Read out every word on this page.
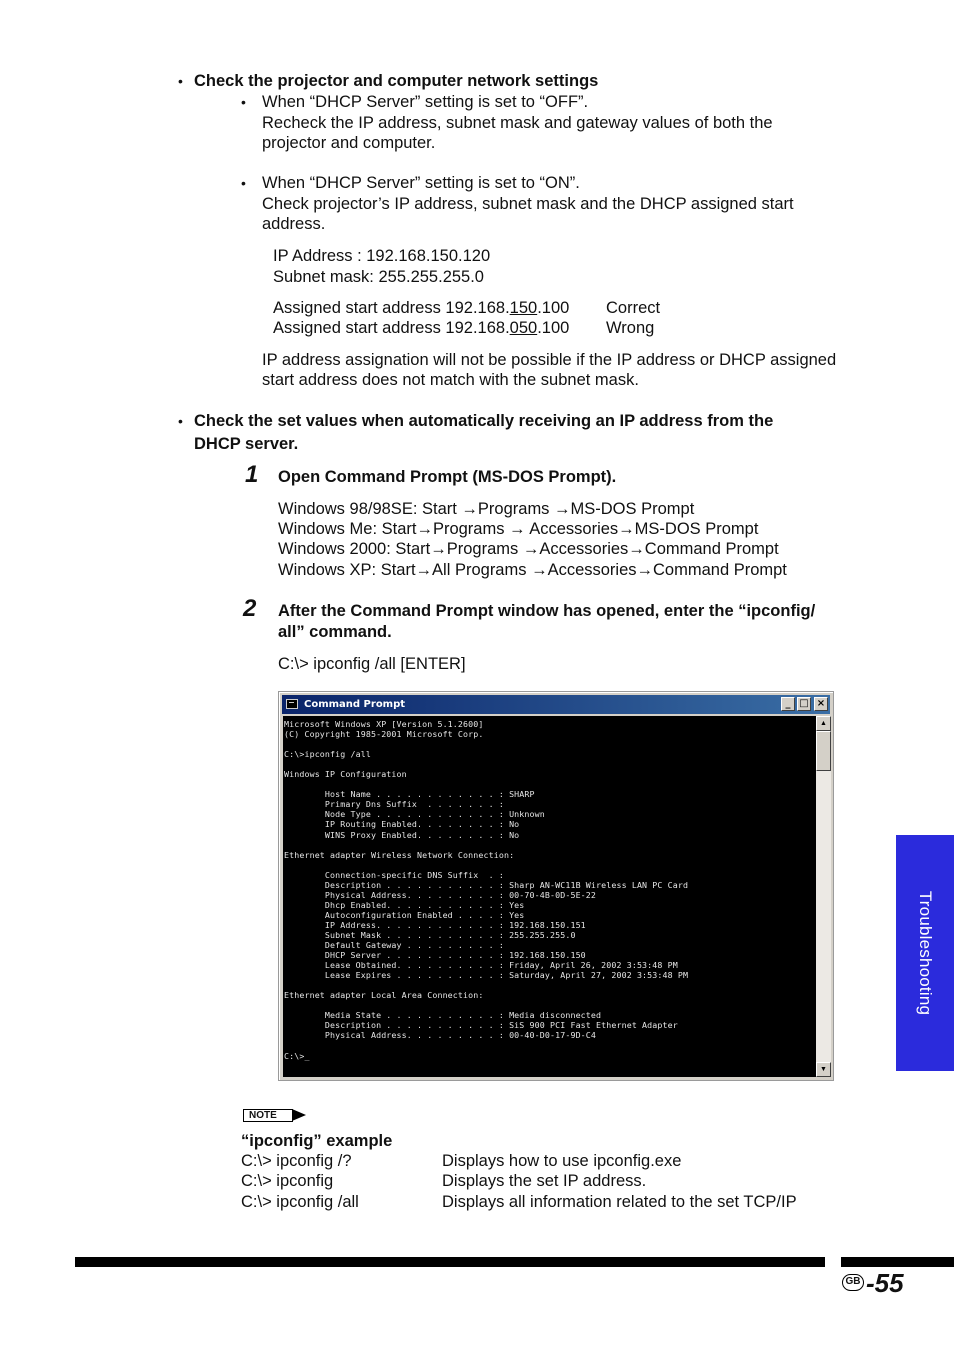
• Check the projector and computer network settings
• When “DHCP Server” setting is set to “OFF”.
Recheck the IP address, subnet mask and gateway values of both the
projector and computer.
• When “DHCP Server” setting is set to “ON”.
Check projector’s IP address, subnet mask and the DHCP assigned start
address.
IP Address : 192.168.150.120
Subnet mask: 255.255.255.0
Assigned start address 192.168.150.100 Correct
Assigned start address 192.168.050.100 Wrong
IP address assignation will not be possible if the IP address or DHCP assigned
start address does not match with the subnet mask.
• Check the set values when automatically receiving an IP address from the
DHCP server.
1 Open Command Prompt (MS-DOS Prompt).
Windows 98/98SE: Start →Programs →MS-DOS Prompt
Windows Me: Start→Programs → Accessories→MS-DOS Prompt
Windows 2000: Start→Programs →Accessories→Command Prompt
Windows XP: Start→All Programs →Accessories→Command Prompt
2 After the Command Prompt window has opened, enter the “ipconfig/
all” command.
C:\> ipconfig /all [ENTER]
Command Prompt	_ □ ×
Microsoft Windows XP [Version 5.1.2600]
(C) Copyright 1985-2001 Microsoft Corp.

C:\>ipconfig /all

Windows IP Configuration

Host Name . . . . . . . . . . . . : SHARP
Primary Dns Suffix  . . . . . . . :
Node Type . . . . . . . . . . . . : Unknown
IP Routing Enabled. . . . . . . . : No
WINS Proxy Enabled. . . . . . . . : No

Ethernet adapter Wireless Network Connection:

Connection-specific DNS Suffix  . :
Description . . . . . . . . . . . : Sharp AN-WC11B Wireless LAN PC Card
Physical Address. . . . . . . . . : 00-70-4B-0D-5E-22
Dhcp Enabled. . . . . . . . . . . : Yes
Autoconfiguration Enabled . . . . : Yes
IP Address. . . . . . . . . . . . : 192.168.150.151
Subnet Mask . . . . . . . . . . . : 255.255.255.0
Default Gateway . . . . . . . . . :
DHCP Server . . . . . . . . . . . : 192.168.150.150
Lease Obtained. . . . . . . . . . : Friday, April 26, 2002 3:53:48 PM
Lease Expires . . . . . . . . . . : Saturday, April 27, 2002 3:53:48 PM

Ethernet adapter Local Area Connection:

Media State . . . . . . . . . . . : Media disconnected
Description . . . . . . . . . . . : SiS 900 PCI Fast Ethernet Adapter
Physical Address. . . . . . . . . : 00-40-D0-17-9D-C4

C:\>_
▲
▼
Troubleshooting
NOTE
“ipconfig” example
C:\> ipconfig /?	Displays how to use ipconfig.exe
C:\> ipconfig	Displays the set IP address.
C:\> ipconfig /all	Displays all information related to the set TCP/IP
GB -55
